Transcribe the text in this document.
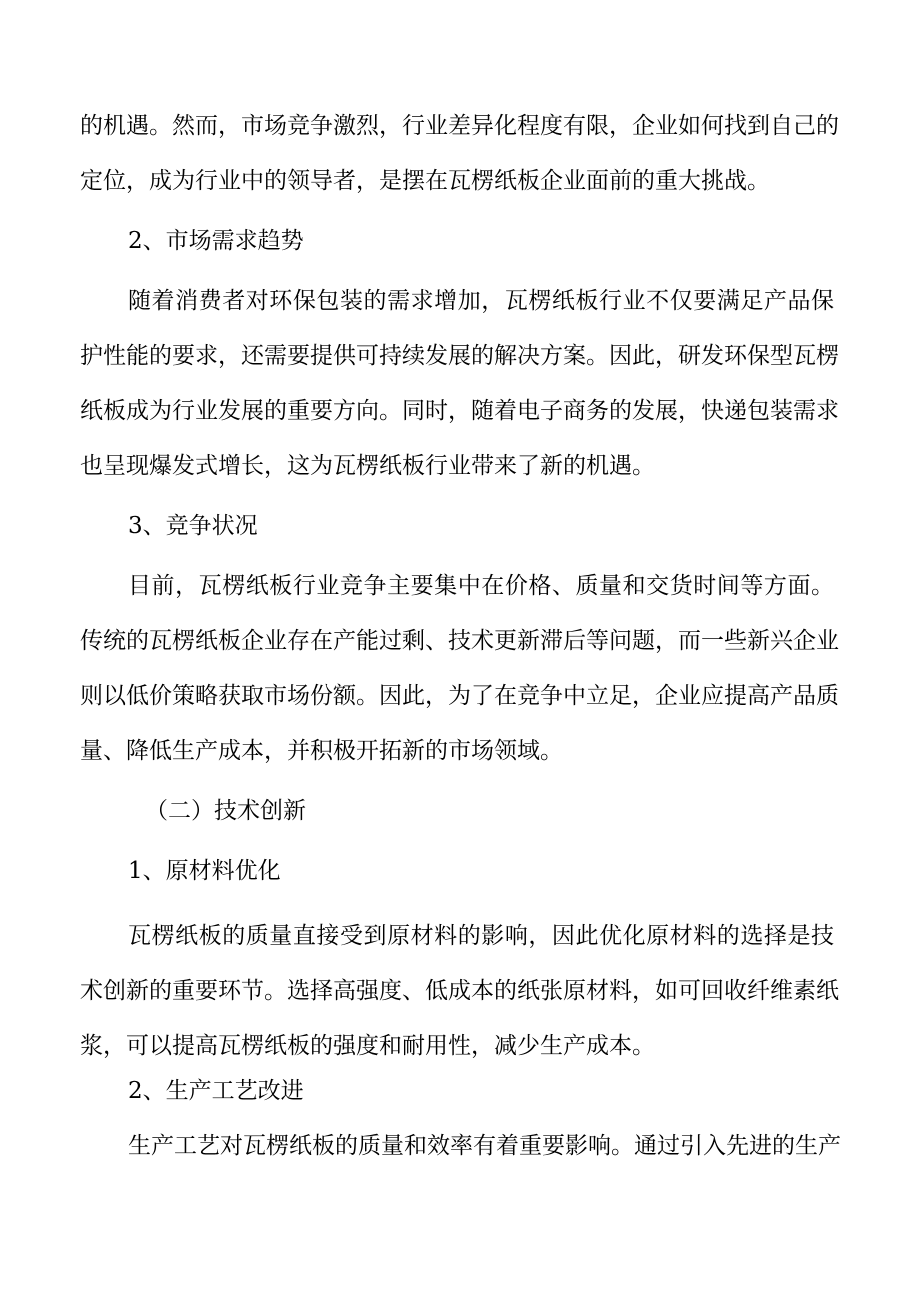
的机遇。然而，市场竞争激烈，行业差异化程度有限，企业如何找到自己的

定位，成为行业中的领导者，是摆在瓦楞纸板企业面前的重大挑战。

2、市场需求趋势

随着消费者对环保包装的需求增加，瓦楞纸板行业不仅要满足产品保

护性能的要求，还需要提供可持续发展的解决方案。因此，研发环保型瓦楞

纸板成为行业发展的重要方向。同时，随着电子商务的发展，快递包装需求

也呈现爆发式增长，这为瓦楞纸板行业带来了新的机遇。

3、竞争状况

目前，瓦楞纸板行业竞争主要集中在价格、质量和交货时间等方面。

传统的瓦楞纸板企业存在产能过剩、技术更新滞后等问题，而一些新兴企业

则以低价策略获取市场份额。因此，为了在竞争中立足，企业应提高产品质

量、降低生产成本，并积极开拓新的市场领域。

（二）技术创新

1、原材料优化

瓦楞纸板的质量直接受到原材料的影响，因此优化原材料的选择是技

术创新的重要环节。选择高强度、低成本的纸张原材料，如可回收纤维素纸

浆，可以提高瓦楞纸板的强度和耐用性，减少生产成本。

2、生产工艺改进

生产工艺对瓦楞纸板的质量和效率有着重要影响。通过引入先进的生产
